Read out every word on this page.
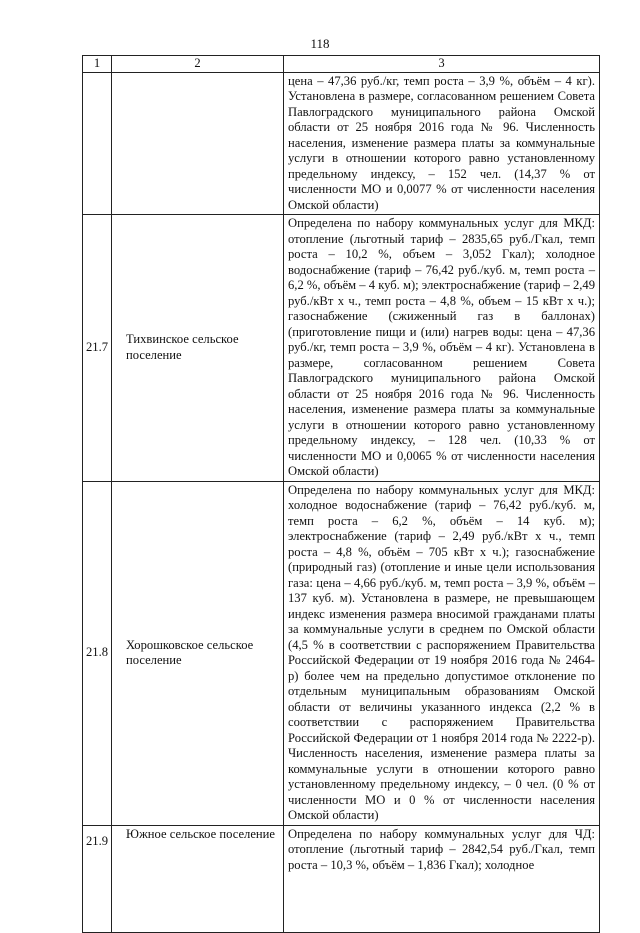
118
1	2	3

		цена – 47,36 руб./кг, темп роста – 3,9 %, объём – 4 кг). Установлена в размере, согласованном решением Совета Павлоградского муниципального района Омской области от 25 ноября 2016 года № 96. Численность населения, изменение размера платы за коммунальные услуги в отношении которого равно установленному предельному индексу, – 152 чел. (14,37 % от численности МО и 0,0077 % от численности населения Омской области)

21.7	Тихвинское сельское поселение	Определена по набору коммунальных услуг для МКД: отопление (льготный тариф – 2835,65 руб./Гкал, темп роста – 10,2 %, объем – 3,052 Гкал); холодное водоснабжение (тариф – 76,42 руб./куб. м, темп роста – 6,2 %, объём – 4 куб. м); электроснабжение (тариф – 2,49 руб./кВт х ч., темп роста – 4,8 %, объем – 15 кВт х ч.); газоснабжение (сжиженный газ в баллонах) (приготовление пищи и (или) нагрев воды: цена – 47,36 руб./кг, темп роста – 3,9 %, объём – 4 кг). Установлена в размере, согласованном решением Совета Павлоградского муниципального района Омской области от 25 ноября 2016 года № 96. Численность населения, изменение размера платы за коммунальные услуги в отношении которого равно установленному предельному индексу, – 128 чел. (10,33 % от численности МО и 0,0065 % от численности населения Омской области)

21.8	Хорошковское сельское поселение	Определена по набору коммунальных услуг для МКД: холодное водоснабжение (тариф – 76,42 руб./куб. м, темп роста – 6,2 %, объём – 14 куб. м); электроснабжение (тариф – 2,49 руб./кВт х ч., темп роста – 4,8 %, объём – 705 кВт х ч.); газоснабжение (природный газ) (отопление и иные цели использования газа: цена – 4,66 руб./куб. м, темп роста – 3,9 %, объём – 137 куб. м). Установлена в размере, не превышающем индекс изменения размера вносимой гражданами платы за коммунальные услуги в среднем по Омской области (4,5 % в соответствии с распоряжением Правительства Российской Федерации от 19 ноября 2016 года № 2464-р) более чем на предельно допустимое отклонение по отдельным муниципальным образованиям Омской области от величины указанного индекса (2,2 % в соответствии с распоряжением Правительства Российской Федерации от 1 ноября 2014 года № 2222-р). Численность населения, изменение размера платы за коммунальные услуги в отношении которого равно установленному предельному индексу, – 0 чел. (0 % от численности МО и 0 % от численности населения Омской области)

21.9	Южное сельское поселение	Определена по набору коммунальных услуг для ЧД: отопление (льготный тариф – 2842,54 руб./Гкал, темп роста – 10,3 %, объём – 1,836 Гкал); холодное
